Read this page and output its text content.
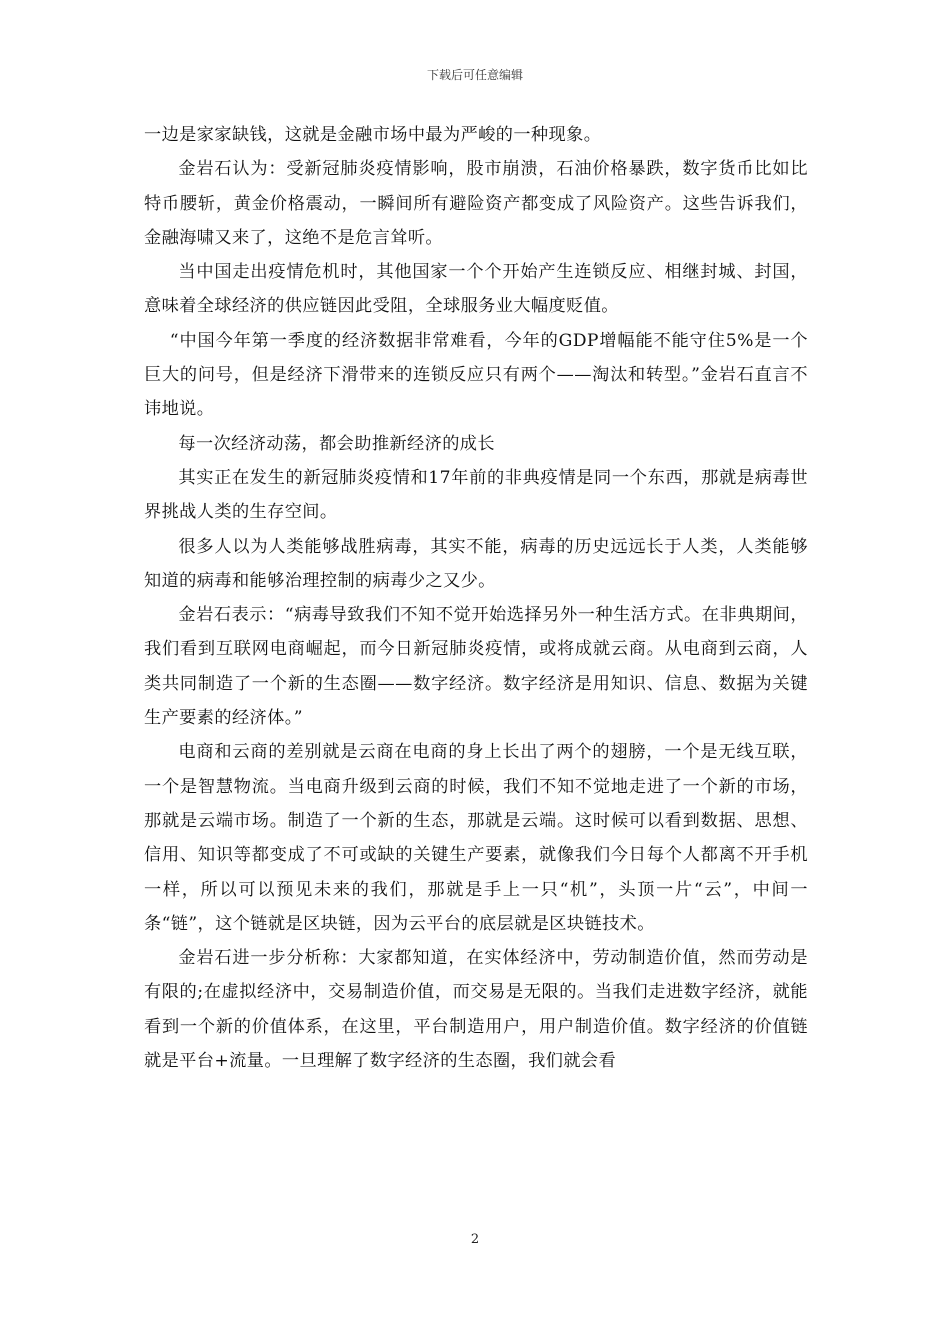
下载后可任意编辑

一边是家家缺钱，这就是金融市场中最为严峻的一种现象。

金岩石认为：受新冠肺炎疫情影响，股市崩溃，石油价格暴跌，数字货币比如比特币腰斩，黄金价格震动，一瞬间所有避险资产都变成了风险资产。这些告诉我们，金融海啸又来了，这绝不是危言耸听。

当中国走出疫情危机时，其他国家一个个开始产生连锁反应、相继封城、封国，意味着全球经济的供应链因此受阻，全球服务业大幅度贬值。

“中国今年第一季度的经济数据非常难看，今年的GDP增幅能不能守住5%是一个巨大的问号，但是经济下滑带来的连锁反应只有两个——淘汰和转型。”金岩石直言不讳地说。

每一次经济动荡，都会助推新经济的成长

其实正在发生的新冠肺炎疫情和17年前的非典疫情是同一个东西，那就是病毒世界挑战人类的生存空间。

很多人以为人类能够战胜病毒，其实不能，病毒的历史远远长于人类，人类能够知道的病毒和能够治理控制的病毒少之又少。

金岩石表示：“病毒导致我们不知不觉开始选择另外一种生活方式。在非典期间，我们看到互联网电商崛起，而今日新冠肺炎疫情，或将成就云商。从电商到云商，人类共同制造了一个新的生态圈——数字经济。数字经济是用知识、信息、数据为关键生产要素的经济体。”

电商和云商的差别就是云商在电商的身上长出了两个的翅膀，一个是无线互联，一个是智慧物流。当电商升级到云商的时候，我们不知不觉地走进了一个新的市场，那就是云端市场。制造了一个新的生态，那就是云端。这时候可以看到数据、思想、信用、知识等都变成了不可或缺的关键生产要素，就像我们今日每个人都离不开手机一样，所以可以预见未来的我们，那就是手上一只“机”，头顶一片“云”，中间一条“链”，这个链就是区块链，因为云平台的底层就是区块链技术。

金岩石进一步分析称：大家都知道，在实体经济中，劳动制造价值，然而劳动是有限的;在虚拟经济中，交易制造价值，而交易是无限的。当我们走进数字经济，就能看到一个新的价值体系，在这里，平台制造用户，用户制造价值。数字经济的价值链就是平台+流量。一旦理解了数字经济的生态圈，我们就会看

2
